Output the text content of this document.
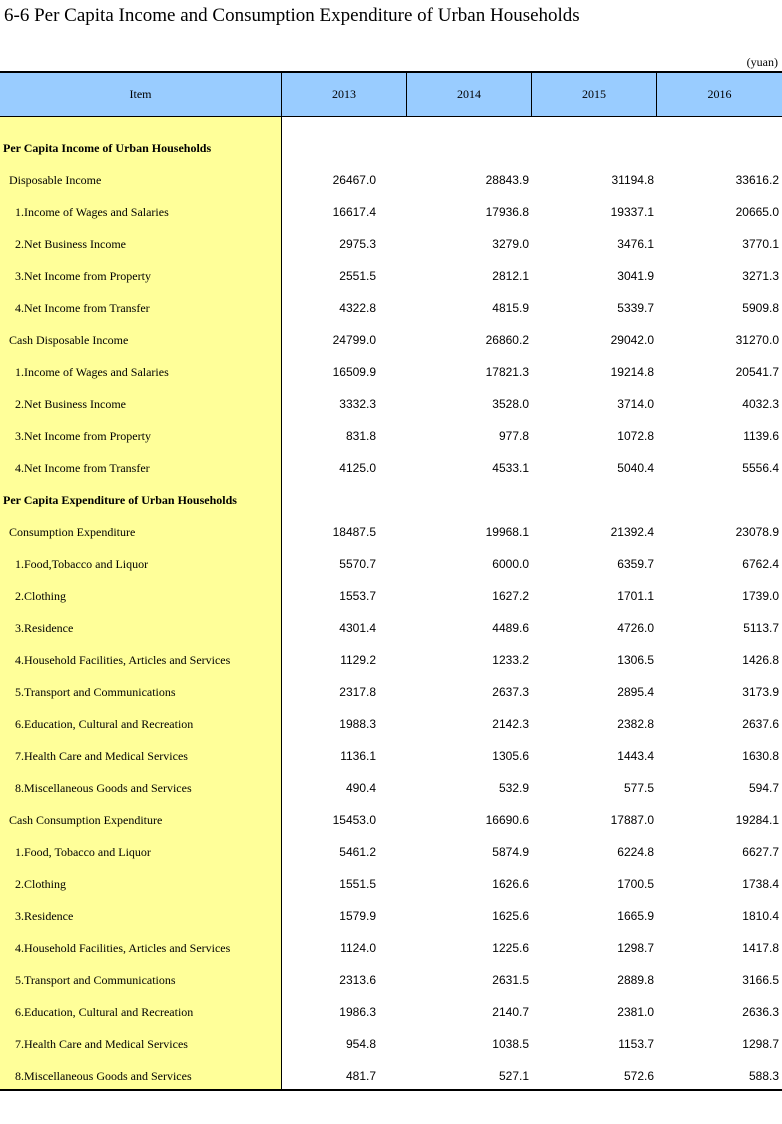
6-6 Per Capita Income and Consumption Expenditure of Urban Households
(yuan)
Item	2013	2014	2015	2016
Per Capita Income of Urban Households
Disposable Income	26467.0	28843.9	31194.8	33616.2
1.Income of Wages and Salaries	16617.4	17936.8	19337.1	20665.0
2.Net Business Income	2975.3	3279.0	3476.1	3770.1
3.Net Income from Property	2551.5	2812.1	3041.9	3271.3
4.Net Income from Transfer	4322.8	4815.9	5339.7	5909.8
Cash Disposable Income	24799.0	26860.2	29042.0	31270.0
1.Income of Wages and Salaries	16509.9	17821.3	19214.8	20541.7
2.Net Business Income	3332.3	3528.0	3714.0	4032.3
3.Net Income from Property	831.8	977.8	1072.8	1139.6
4.Net Income from Transfer	4125.0	4533.1	5040.4	5556.4
Per Capita Expenditure of Urban Households
Consumption Expenditure	18487.5	19968.1	21392.4	23078.9
1.Food,Tobacco and Liquor	5570.7	6000.0	6359.7	6762.4
2.Clothing	1553.7	1627.2	1701.1	1739.0
3.Residence	4301.4	4489.6	4726.0	5113.7
4.Household Facilities, Articles and Services	1129.2	1233.2	1306.5	1426.8
5.Transport and Communications	2317.8	2637.3	2895.4	3173.9
6.Education, Cultural and Recreation	1988.3	2142.3	2382.8	2637.6
7.Health Care and Medical Services	1136.1	1305.6	1443.4	1630.8
8.Miscellaneous Goods and Services	490.4	532.9	577.5	594.7
Cash Consumption Expenditure	15453.0	16690.6	17887.0	19284.1
1.Food, Tobacco and Liquor	5461.2	5874.9	6224.8	6627.7
2.Clothing	1551.5	1626.6	1700.5	1738.4
3.Residence	1579.9	1625.6	1665.9	1810.4
4.Household Facilities, Articles and Services	1124.0	1225.6	1298.7	1417.8
5.Transport and Communications	2313.6	2631.5	2889.8	3166.5
6.Education, Cultural and Recreation	1986.3	2140.7	2381.0	2636.3
7.Health Care and Medical Services	954.8	1038.5	1153.7	1298.7
8.Miscellaneous Goods and Services	481.7	527.1	572.6	588.3
